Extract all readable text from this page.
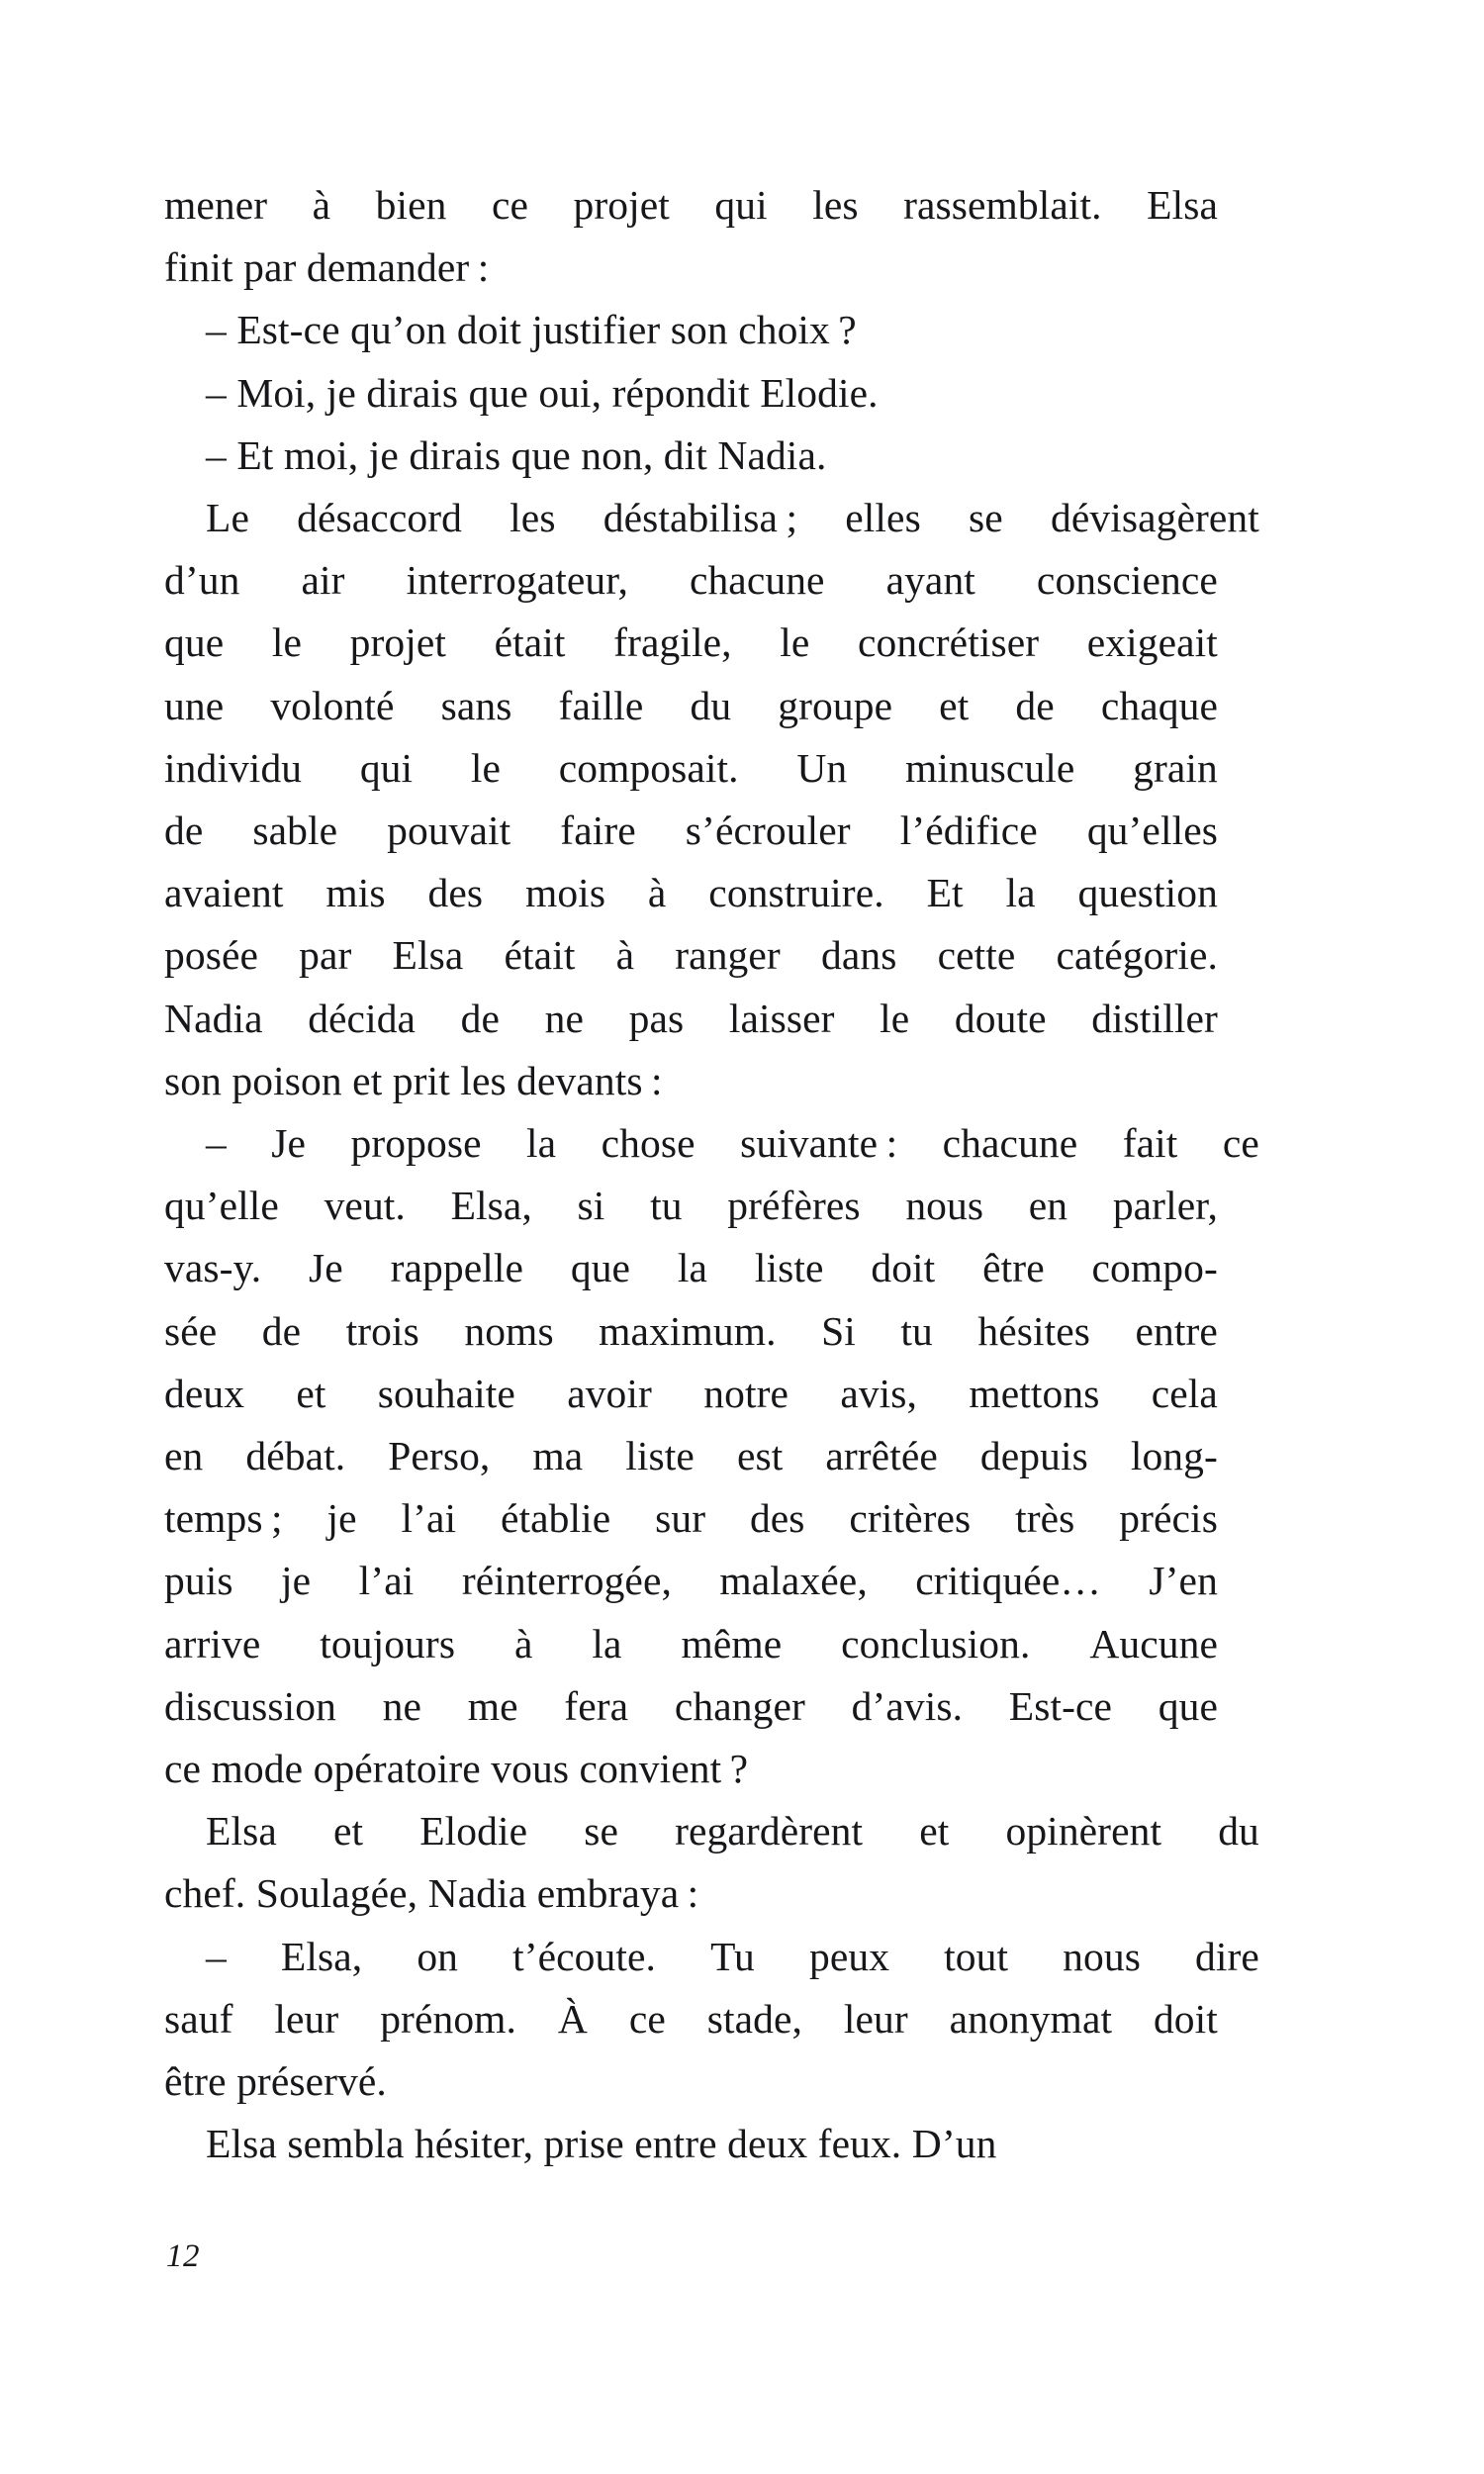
mener à bien ce projet qui les rassemblait. Elsa
finit par demander :
– Est-ce qu’on doit justifier son choix ?
– Moi, je dirais que oui, répondit Elodie.
– Et moi, je dirais que non, dit Nadia.
Le désaccord les déstabilisa ; elles se dévisagèrent
d’un air interrogateur, chacune ayant conscience
que le projet était fragile, le concrétiser exigeait
une volonté sans faille du groupe et de chaque
individu qui le composait. Un minuscule grain
de sable pouvait faire s’écrouler l’édifice qu’elles
avaient mis des mois à construire. Et la question
posée par Elsa était à ranger dans cette catégorie.
Nadia décida de ne pas laisser le doute distiller
son poison et prit les devants :
– Je propose la chose suivante : chacune fait ce
qu’elle veut. Elsa, si tu préfères nous en parler,
vas-y. Je rappelle que la liste doit être compo-
sée de trois noms maximum. Si tu hésites entre
deux et souhaite avoir notre avis, mettons cela
en débat. Perso, ma liste est arrêtée depuis long-
temps ; je l’ai établie sur des critères très précis
puis je l’ai réinterrogée, malaxée, critiquée… J’en
arrive toujours à la même conclusion. Aucune
discussion ne me fera changer d’avis. Est-ce que
ce mode opératoire vous convient ?
Elsa et Elodie se regardèrent et opinèrent du
chef. Soulagée, Nadia embraya :
– Elsa, on t’écoute. Tu peux tout nous dire
sauf leur prénom. À ce stade, leur anonymat doit
être préservé.
Elsa sembla hésiter, prise entre deux feux. D’un
12
